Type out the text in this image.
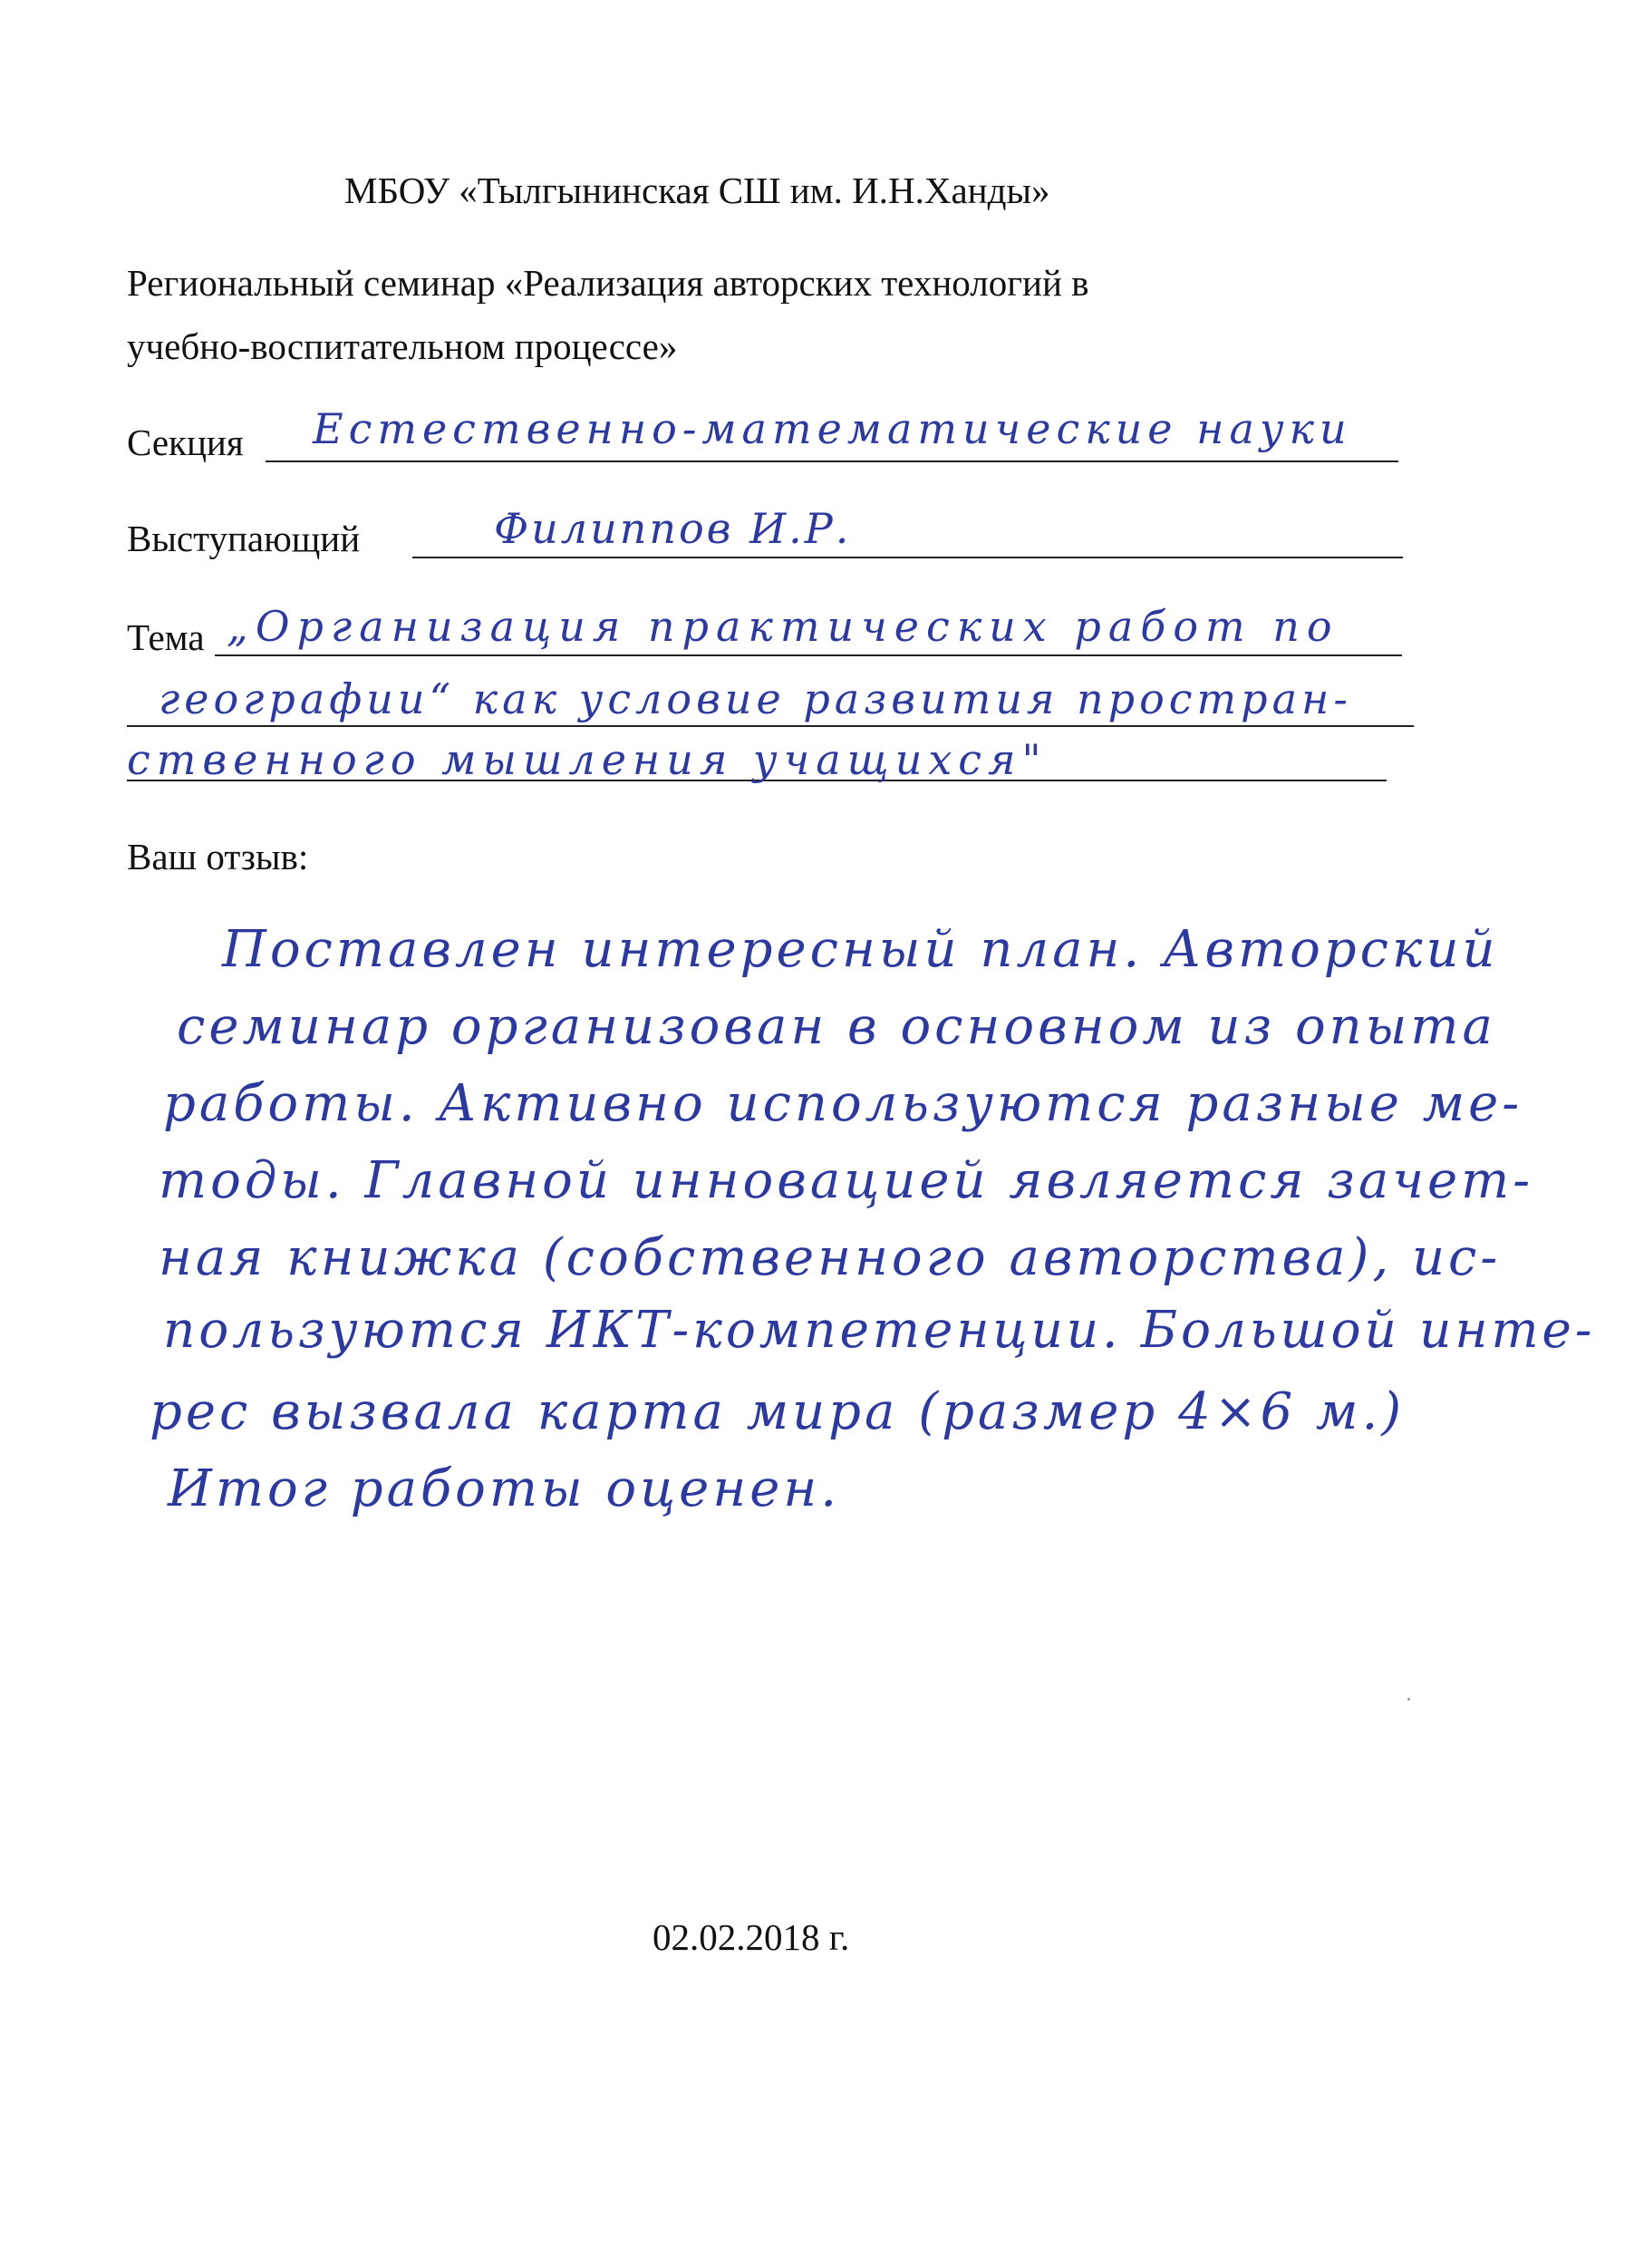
МБОУ «Тылгынинская СШ им. И.Н.Ханды»
Региональный семинар «Реализация авторских технологий в
учебно-воспитательном процессе»
Секция Естественно-математические науки
Выступающий	Филиппов И.Р.
Тема „Организация практических работ по
географии“ как условие развития простран-
ственного мышления учащихся"
Ваш отзыв:
Поставлен интересный план. Авторский
семинар организован в основном из опыта
работы. Активно используются разные ме-
тоды. Главной инновацией является зачет-
ная книжка (собственного авторства), ис-
пользуются ИКТ-компетенции. Большой инте-
рес вызвала карта мира (размер 4×6 м.)
Итог работы оценен.
02.02.2018 г.
